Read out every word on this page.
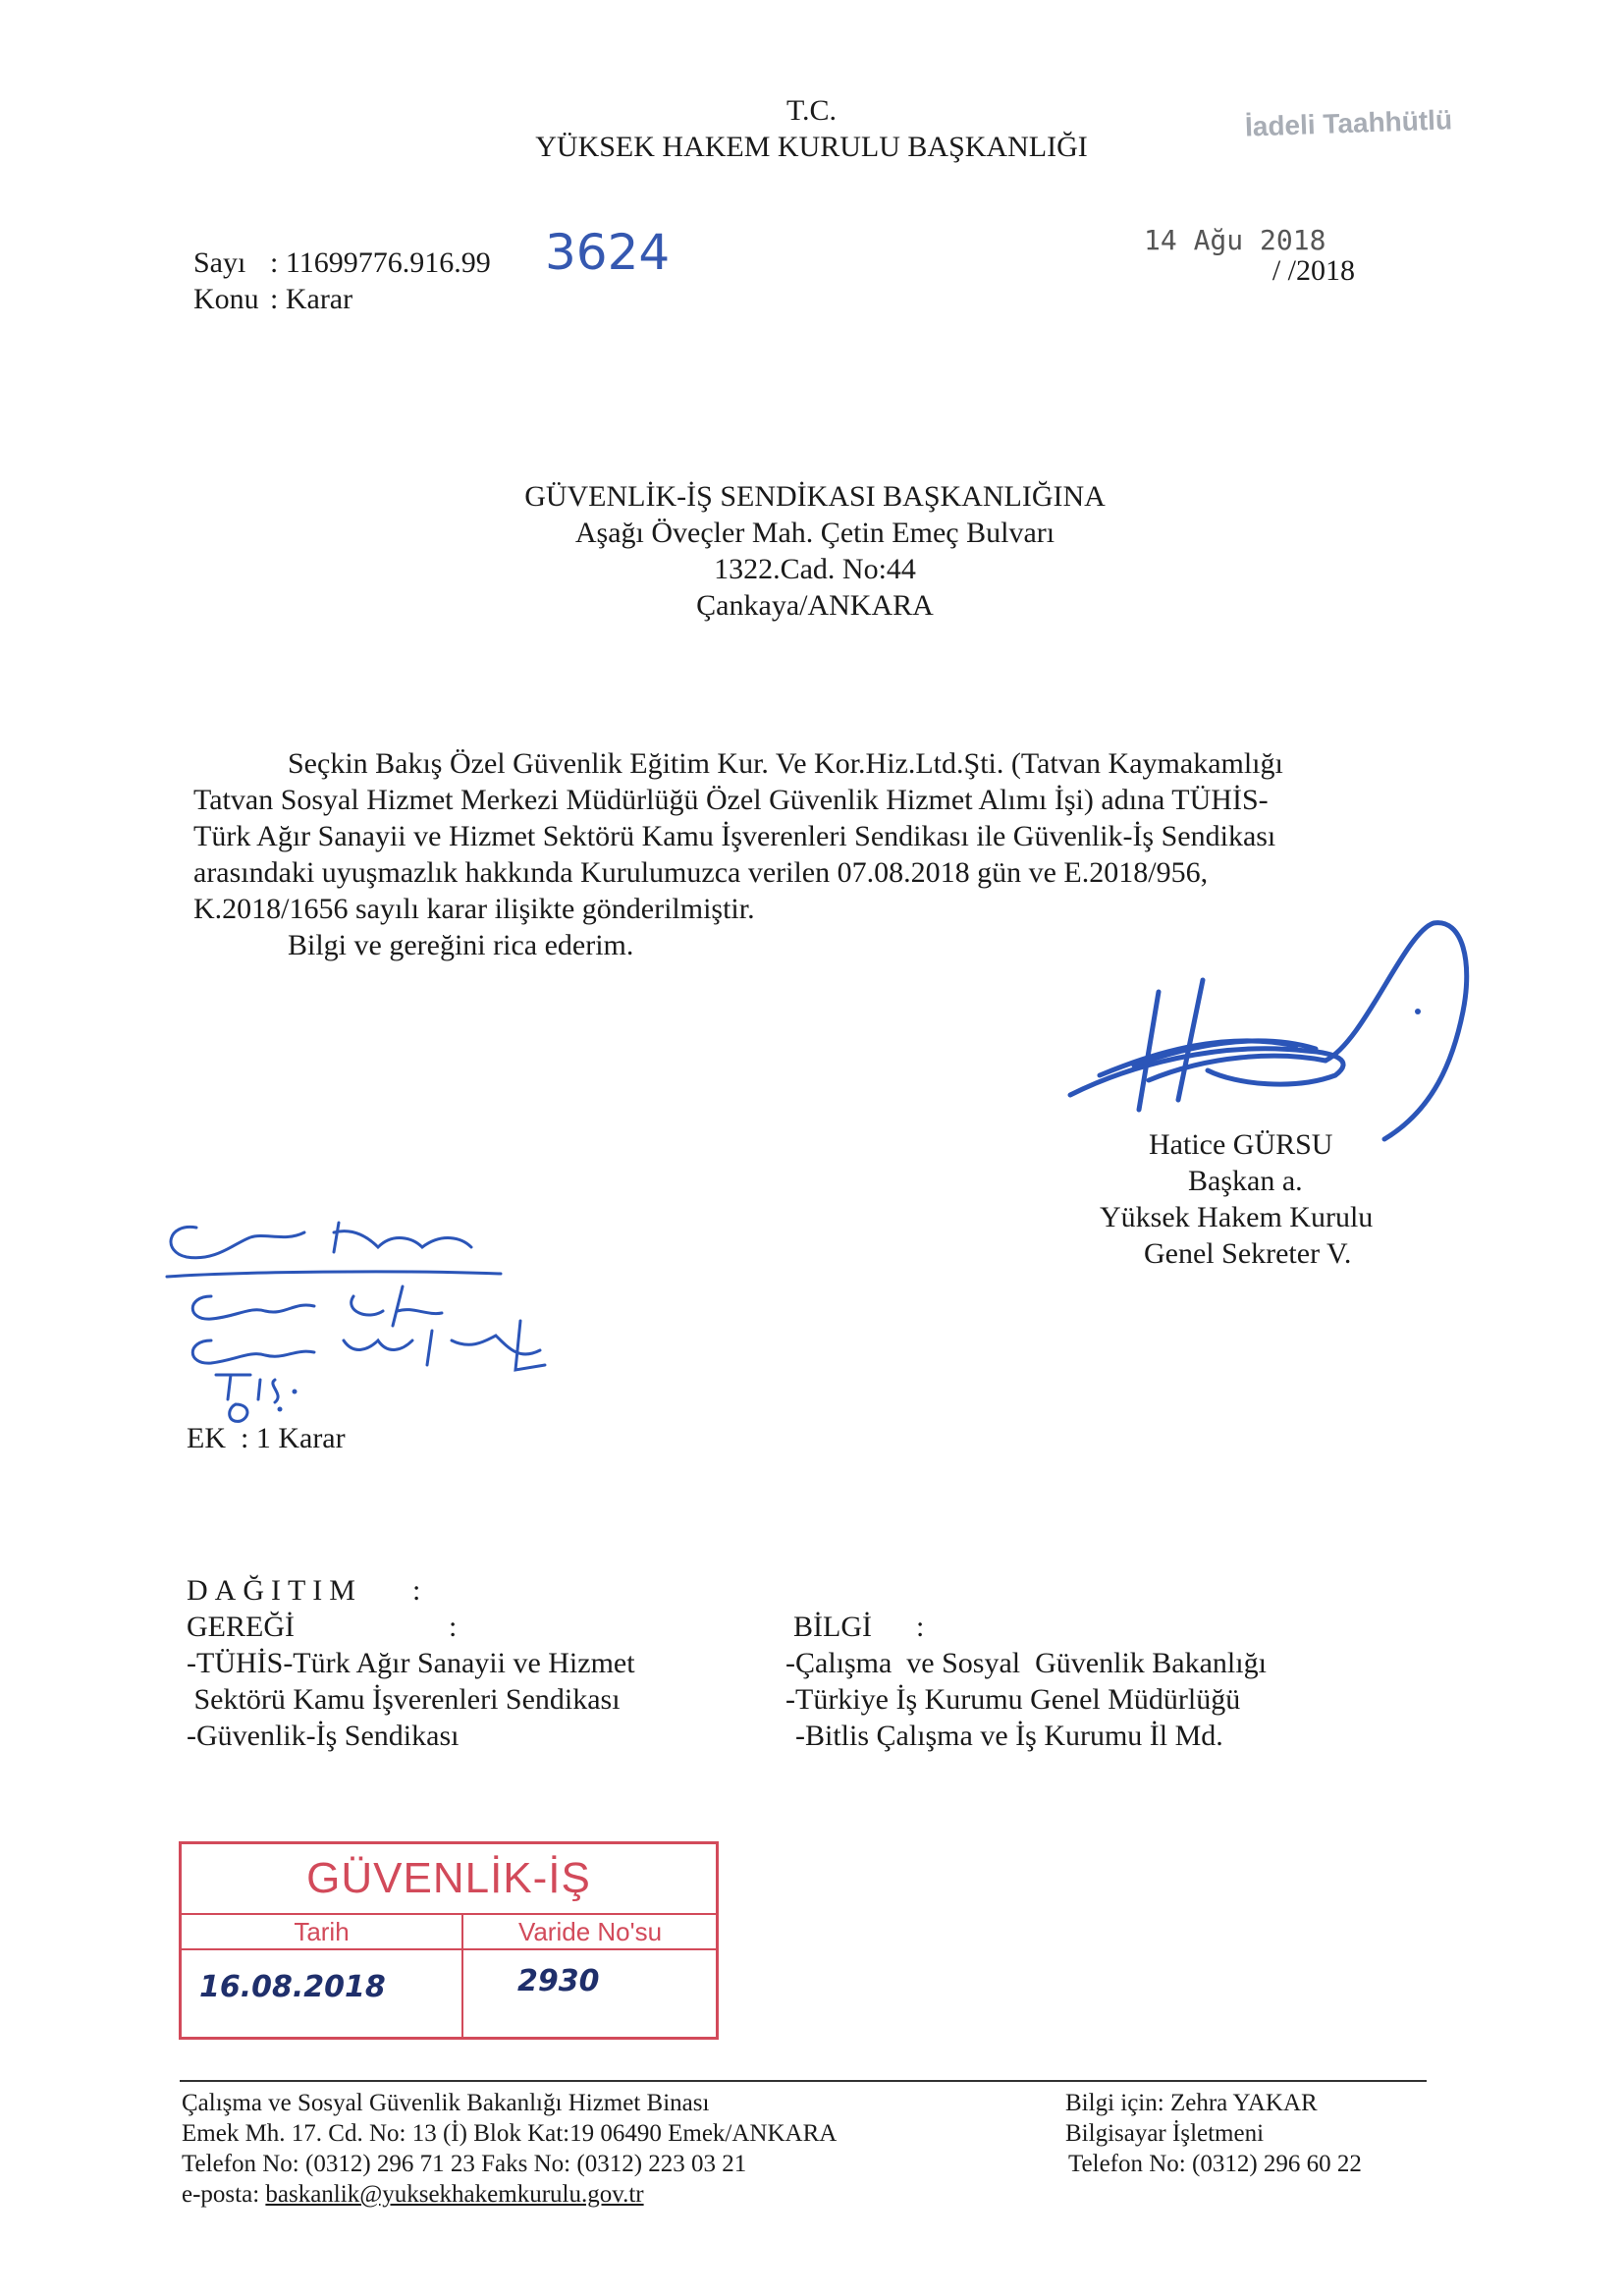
T.C.
YÜKSEK HAKEM KURULU BAŞKANLIĞI
İadeli Taahhütlü
Sayı : 11699776.916.99 3624
Konu : Karar
14 Ağu 2018
/ /2018
GÜVENLİK-İŞ SENDİKASI BAŞKANLIĞINA
Aşağı Öveçler Mah. Çetin Emeç Bulvarı
1322.Cad. No:44
Çankaya/ANKARA
Seçkin Bakış Özel Güvenlik Eğitim Kur. Ve Kor.Hiz.Ltd.Şti. (Tatvan Kaymakamlığı
Tatvan Sosyal Hizmet Merkezi Müdürlüğü Özel Güvenlik Hizmet Alımı İşi) adına TÜHİS-
Türk Ağır Sanayii ve Hizmet Sektörü Kamu İşverenleri Sendikası ile Güvenlik-İş Sendikası
arasındaki uyuşmazlık hakkında Kurulumuzca verilen 07.08.2018 gün ve E.2018/956,
K.2018/1656 sayılı karar ilişikte gönderilmiştir.
Bilgi ve gereğini rica ederim.
Hatice GÜRSU
Başkan a.
Yüksek Hakem Kurulu
Genel Sekreter V.
EK : 1 Karar
DAĞITIM :
GEREĞİ	:
-TÜHİS-Türk Ağır Sanayii ve Hizmet
Sektörü Kamu İşverenleri Sendikası
-Güvenlik-İş Sendikası
BİLGİ :
-Çalışma  ve Sosyal  Güvenlik Bakanlığı
-Türkiye İş Kurumu Genel Müdürlüğü
-Bitlis Çalışma ve İş Kurumu İl Md.
GÜVENLİK-İŞ
Tarih	Varide No'su
16.08.2018	2930
Çalışma ve Sosyal Güvenlik Bakanlığı Hizmet Binası
Emek Mh. 17. Cd. No: 13 (İ) Blok Kat:19 06490 Emek/ANKARA
Telefon No: (0312) 296 71 23 Faks No: (0312) 223 03 21
e-posta: baskanlik@yuksekhakemkurulu.gov.tr
Bilgi için: Zehra YAKAR
Bilgisayar İşletmeni
Telefon No: (0312) 296 60 22
